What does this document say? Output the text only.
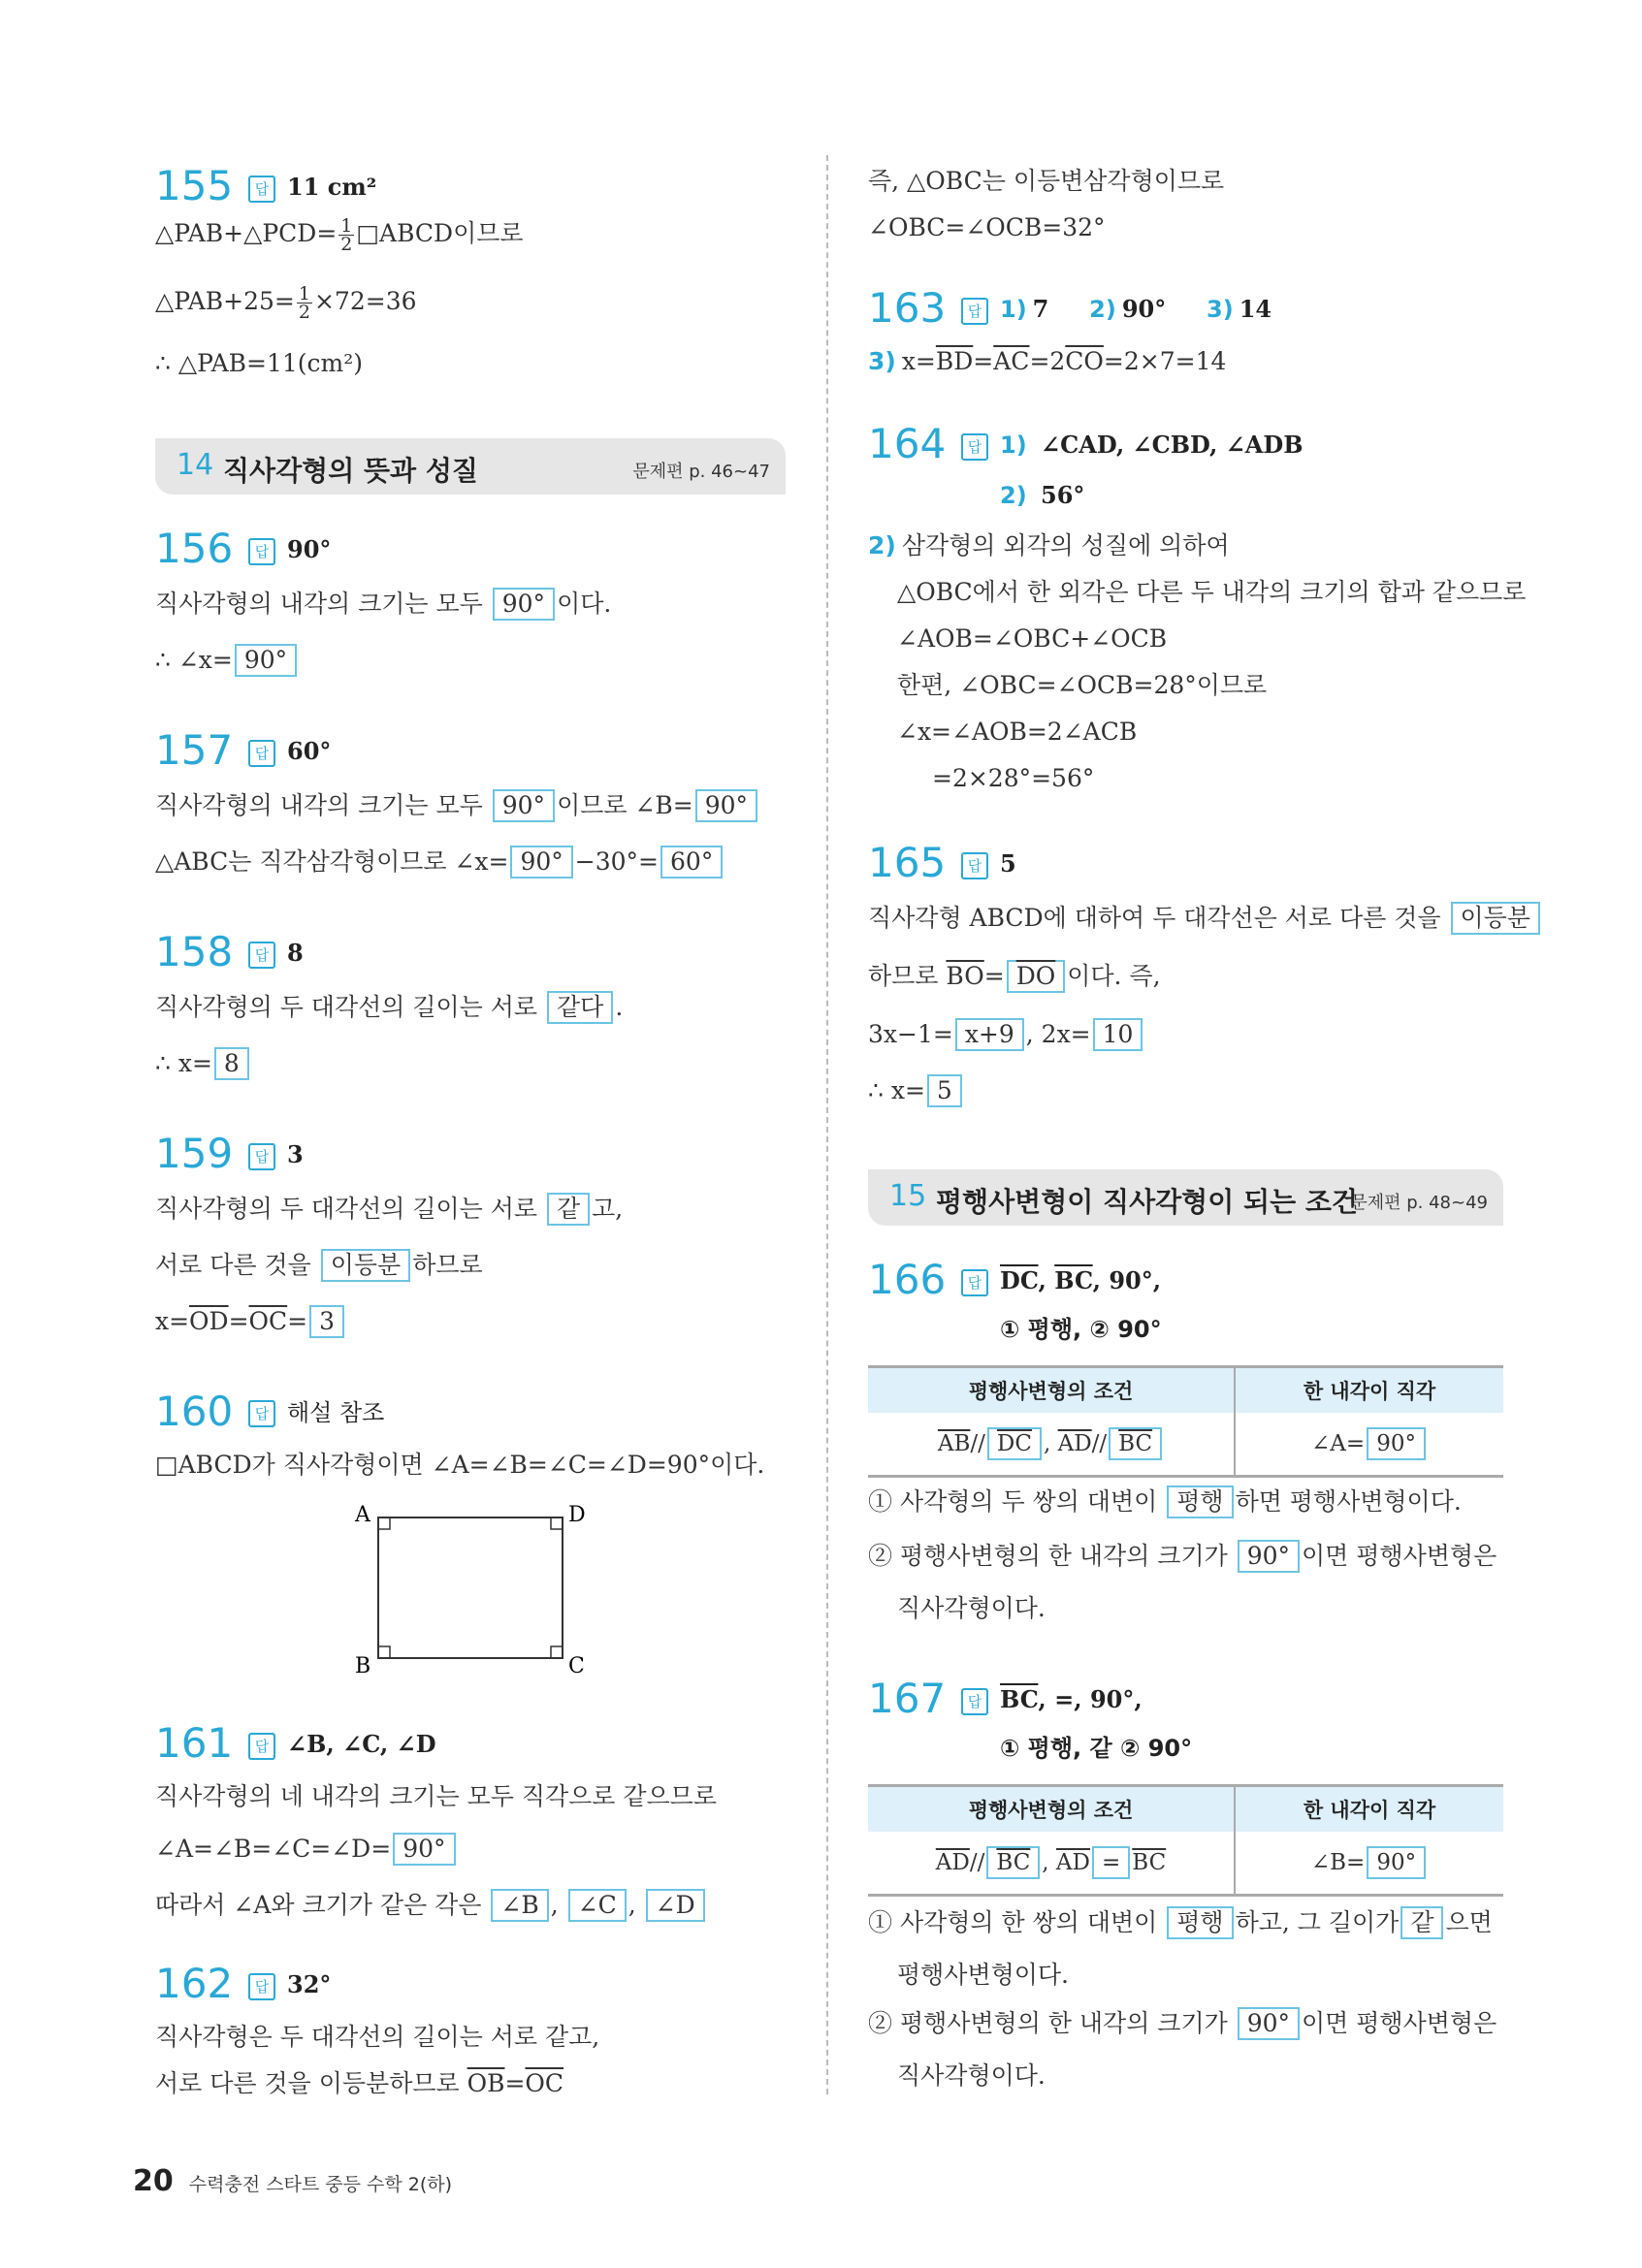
155	답 11 cm²
△PAB+△PCD= $\frac{1}{2}$ □ABCD이므로
△PAB+25= $\frac{1}{2} \times 72=36$
∴ △PAB=11(cm²)
14 직사각형의 뜻과 성질	문제편 p. 46~47
156	답 90°
직사각형의 내각의 크기는 모두 90° 이다.
∴ ∠x= 90°
157	답 60°
직사각형의 내각의 크기는 모두 90° 이므로 ∠B= 90°
△ABC는 직각삼각형이므로 ∠x= 90° −30°= 60°
158	답 8
직사각형의 두 대각선의 길이는 서로 같다 .
∴ x= 8
159	답 3
직사각형의 두 대각선의 길이는 서로 같 고,
서로 다른 것을 이등분 하므로
$x=\overline{OD}=\overline{OC}= 3$
160	답 해설 참조
□ABCD가 직사각형이면 ∠A=∠B=∠C=∠D=90°이다.
A	D
B	C
161	답 ∠B, ∠C, ∠D
직사각형의 네 내각의 크기는 모두 직각으로 같으므로
∠A=∠B=∠C=∠D= 90°
따라서 ∠A와 크기가 같은 각은 ∠B , ∠C , ∠D
162	답 32°
직사각형은 두 대각선의 길이는 서로 같고,
서로 다른 것을 이등분하므로 $\overline{OB}=\overline{OC}$
즉, △OBC는 이등변삼각형이므로
∠OBC=∠OCB=32°
163	답 1) 7 2) 90° 3) 14
3) $x=\overline{BD}=\overline{AC}=2\overline{CO}=2\times 7=14$
164	답 1) ∠CAD, ∠CBD, ∠ADB
2) 56°
2) 삼각형의 외각의 성질에 의하여
△OBC에서 한 외각은 다른 두 내각의 크기의 합과 같으므로
∠AOB=∠OBC+∠OCB
한편, ∠OBC=∠OCB=28°이므로
∠x=∠AOB=2∠ACB
=2×28°=56°
165	답 5
직사각형 ABCD에 대하여 두 대각선은 서로 다른 것을 이등분
하므로 $\overline{BO}= \overline{DO}$ 이다. 즉,
3x−1= x+9 , 2x= 10
∴ x= 5
15 평행사변형이 직사각형이 되는 조건
문제편 p. 48~49
166	답 $\overline{DC}$, $\overline{BC}$, 90°,
① 평행, ② 90°
평행사변형의 조건	한 내각이 직각
$\overline{AB}//$ $\overline{DC}$ , $\overline{AD}//$ $\overline{BC}$	∠A= 90°
① 사각형의 두 쌍의 대변이 평행 하면 평행사변형이다.
② 평행사변형의 한 내각의 크기가 90° 이면 평행사변형은
직사각형이다.
167	답 $\overline{BC}$, =, 90°,
① 평행, 같 ② 90°
평행사변형의 조건	한 내각이 직각
$\overline{AD}//$ $\overline{BC}$ , $\overline{AD} = \overline{BC}$	∠B= 90°
① 사각형의 한 쌍의 대변이 평행 하고, 그 길이가 같 으면
평행사변형이다.
② 평행사변형의 한 내각의 크기가 90° 이면 평행사변형은
직사각형이다.
20 수력충전 스타트 중등 수학 2(하)
